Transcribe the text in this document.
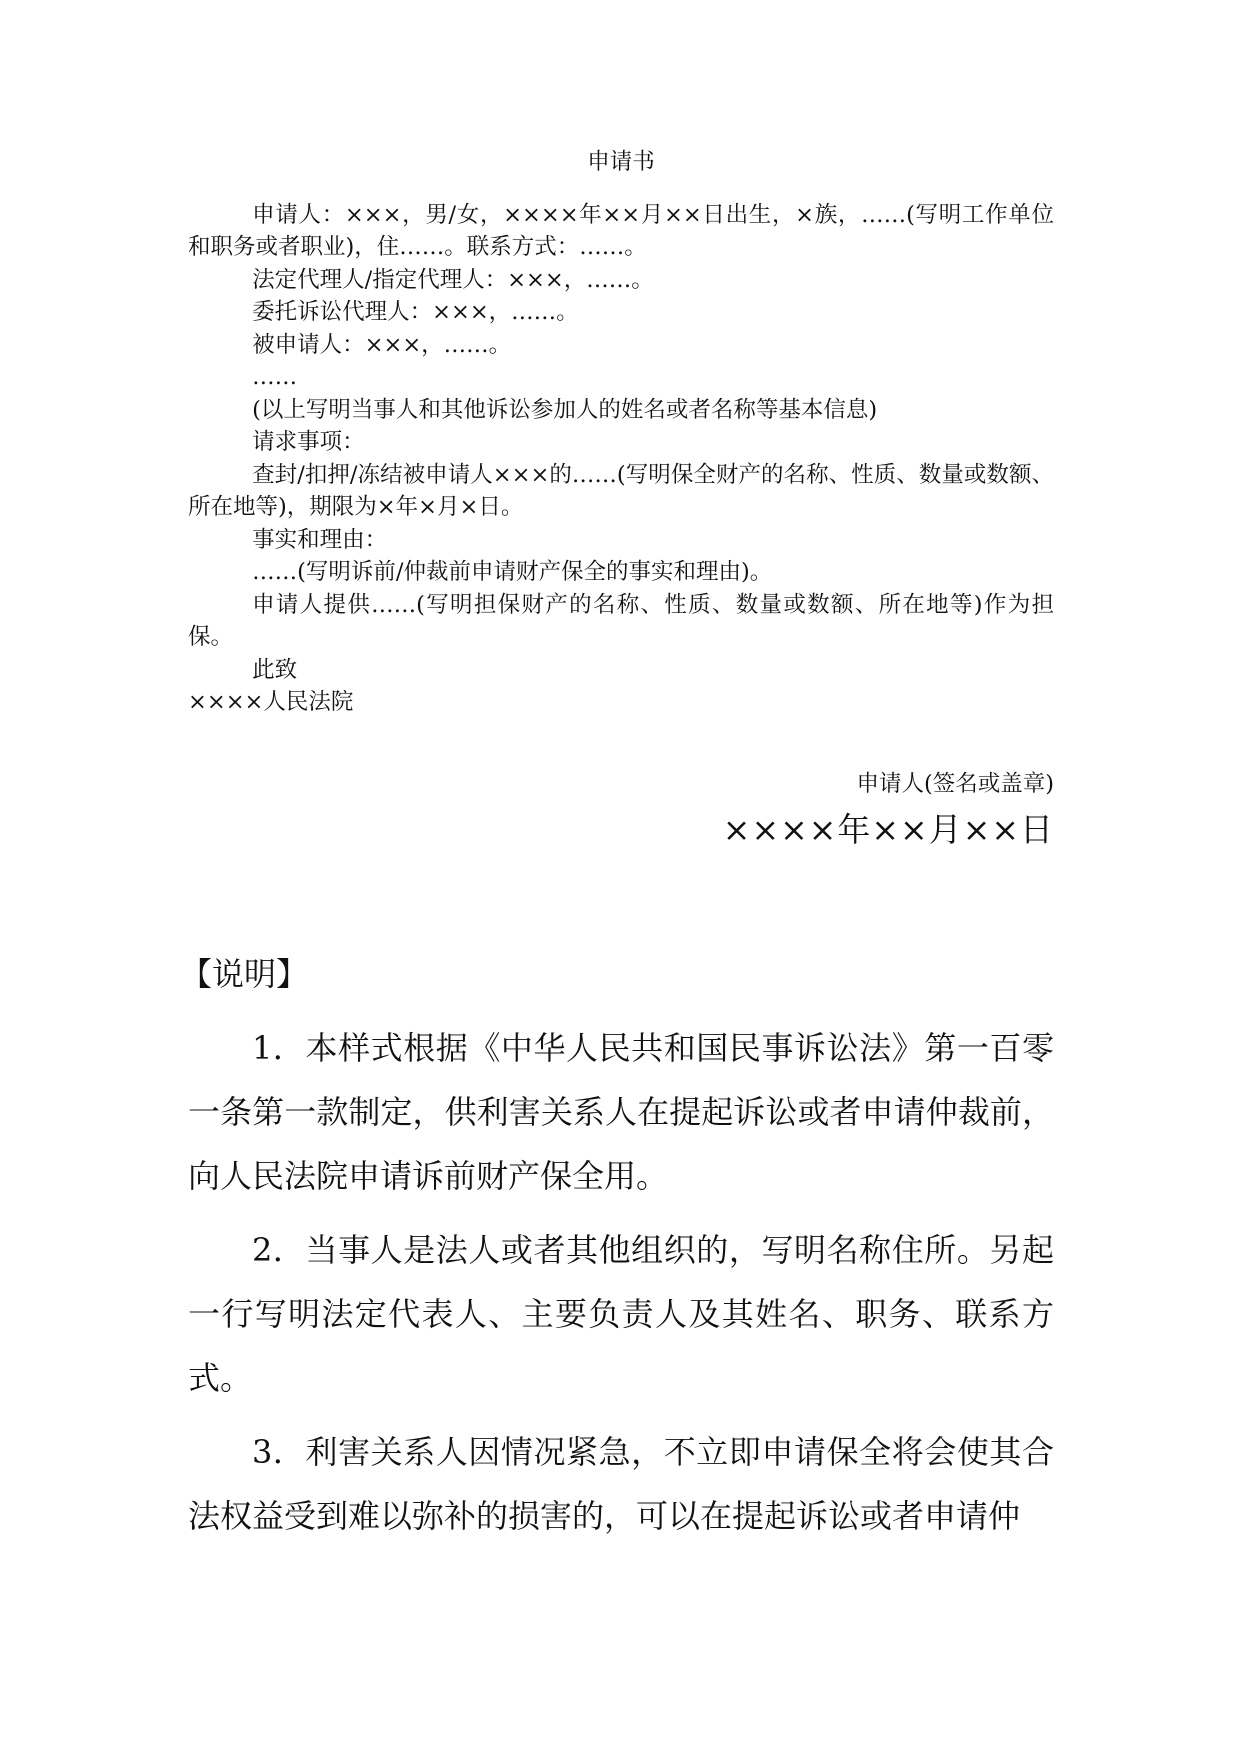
申请书

申请人：×××，男/女，××××年××月××日出生，×族，……(写明工作单位和职务或者职业)，住……。联系方式：……。

法定代理人/指定代理人：×××，……。

委托诉讼代理人：×××，……。

被申请人：×××，……。

……

(以上写明当事人和其他诉讼参加人的姓名或者名称等基本信息)

请求事项：

查封/扣押/冻结被申请人×××的……(写明保全财产的名称、性质、数量或数额、所在地等)，期限为×年×月×日。

事实和理由：

……(写明诉前/仲裁前申请财产保全的事实和理由)。

申请人提供……(写明担保财产的名称、性质、数量或数额、所在地等)作为担保。

此致

××××人民法院

申请人(签名或盖章)
××××年××月××日
【说明】

1．本样式根据《中华人民共和国民事诉讼法》第一百零一条第一款制定，供利害关系人在提起诉讼或者申请仲裁前，向人民法院申请诉前财产保全用。

2．当事人是法人或者其他组织的，写明名称住所。另起一行写明法定代表人、主要负责人及其姓名、职务、联系方式。

3．利害关系人因情况紧急，不立即申请保全将会使其合法权益受到难以弥补的损害的，可以在提起诉讼或者申请仲
